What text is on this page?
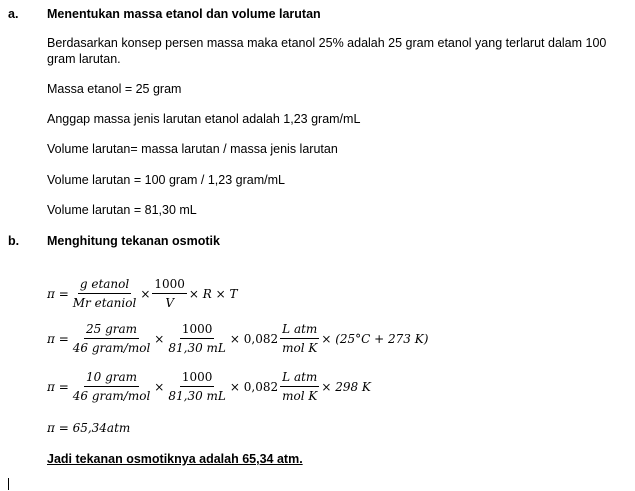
a. Menentukan massa etanol dan volume larutan
Berdasarkan konsep persen massa maka etanol 25% adalah 25 gram etanol yang terlarut dalam 100
gram larutan.
Massa etanol = 25 gram
Anggap massa jenis larutan etanol adalah 1,23 gram/mL
Volume larutan= massa larutan / massa jenis larutan
Volume larutan = 100 gram / 1,23 gram/mL
Volume larutan = 81,30 mL
b. Menghitung tekanan osmotik
$\pi = \frac{\text{g etanol}}{\text{Mr etaniol}} \times \frac{1000}{V} \times R \times T$
$\pi = \frac{\text{25 gram}}{\text{46 gram/mol}} \times \frac{1000}{81,30 mL} \times 0,082 \frac{\text{L atm}}{\text{mol K}} \times (25^\circ C + 273$ K)
$\pi = \frac{\text{10 gram}}{\text{46 gram/mol}} \times \frac{1000}{81,30 mL} \times 0,082 \frac{\text{L atm}}{\text{mol K}} \times 298$ K
π = 65,34atm
Jadi tekanan osmotiknya adalah 65,34 atm.
